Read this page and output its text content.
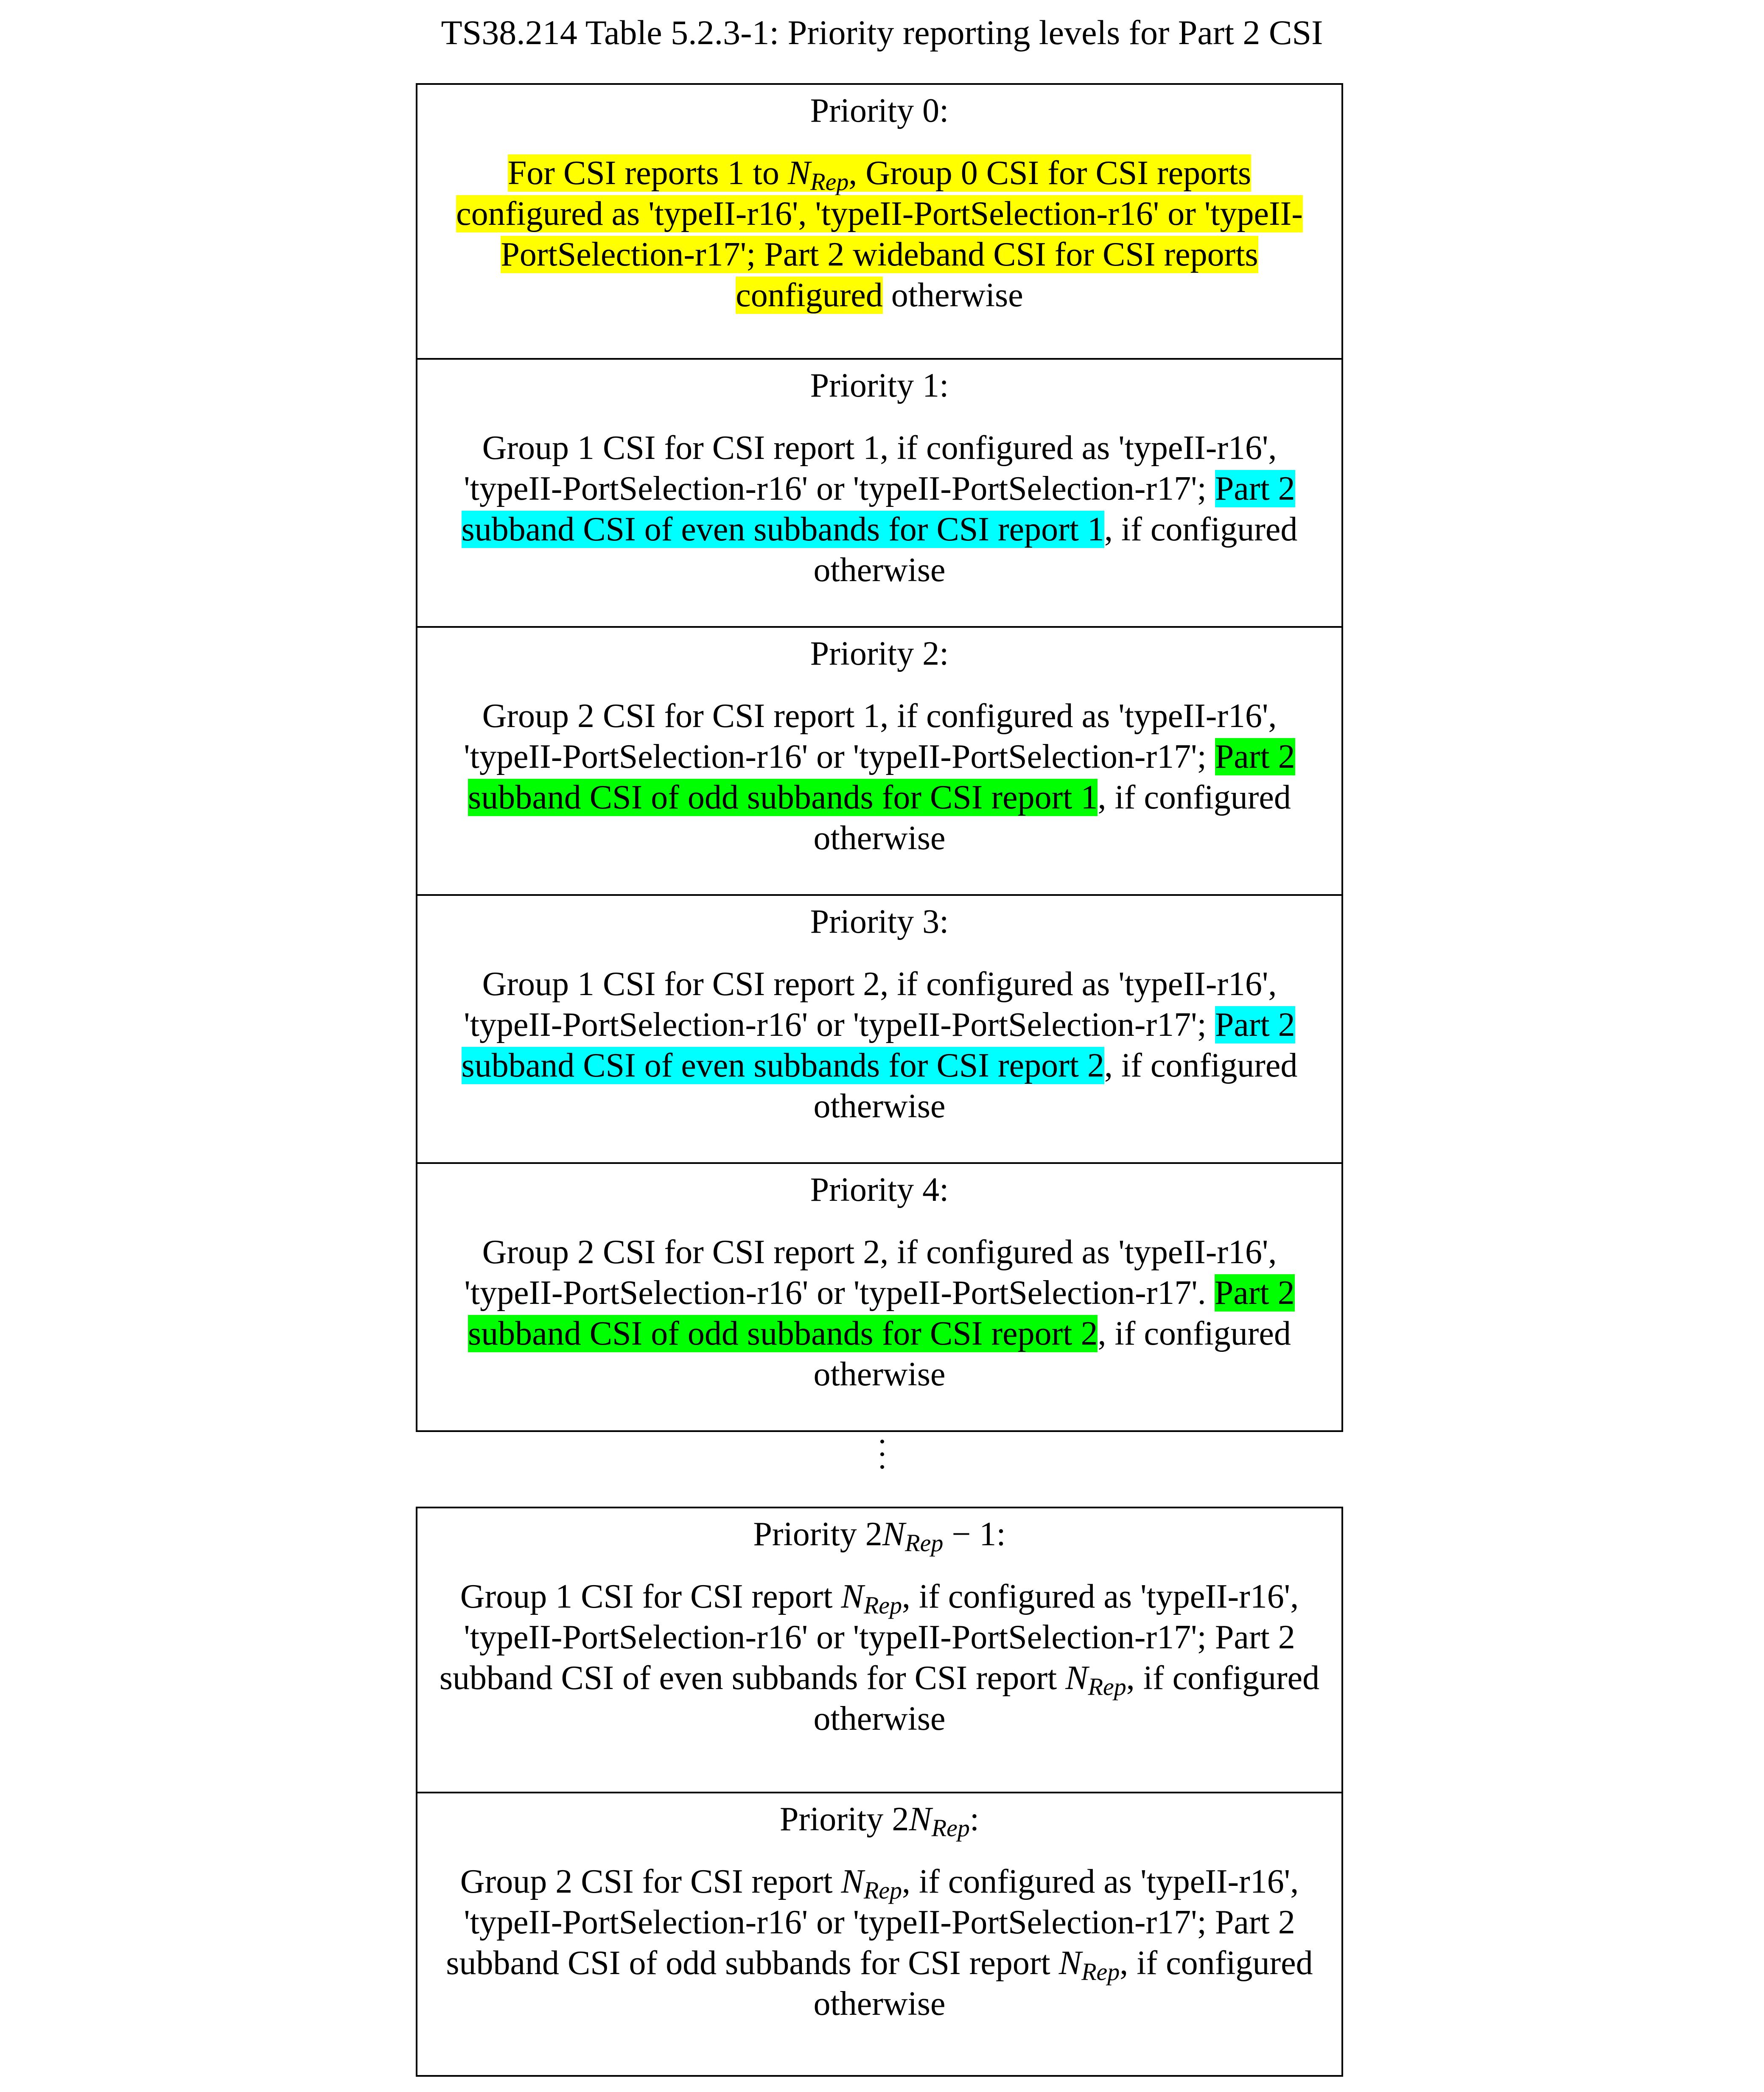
TS38.214 Table 5.2.3-1: Priority reporting levels for Part 2 CSI

Priority 0:

For CSI reports 1 to $N_{Rep}$, Group 0 CSI for CSI reports configured as 'typeII-r16', 'typeII-PortSelection-r16' or 'typeII-PortSelection-r17'; Part 2 wideband CSI for CSI reports configured otherwise

Priority 1:

Group 1 CSI for CSI report 1, if configured as 'typeII-r16', 'typeII-PortSelection-r16' or 'typeII-PortSelection-r17'; Part 2 subband CSI of even subbands for CSI report 1, if configured otherwise

Priority 2:

Group 2 CSI for CSI report 1, if configured as 'typeII-r16', 'typeII-PortSelection-r16' or 'typeII-PortSelection-r17'; Part 2 subband CSI of odd subbands for CSI report 1, if configured otherwise

Priority 3:

Group 1 CSI for CSI report 2, if configured as 'typeII-r16', 'typeII-PortSelection-r16' or 'typeII-PortSelection-r17'; Part 2 subband CSI of even subbands for CSI report 2, if configured otherwise

Priority 4:

Group 2 CSI for CSI report 2, if configured as 'typeII-r16', 'typeII-PortSelection-r16' or 'typeII-PortSelection-r17'. Part 2 subband CSI of odd subbands for CSI report 2, if configured otherwise

Priority $2N_{Rep} - 1$:

Group 1 CSI for CSI report $N_{Rep}$, if configured as 'typeII-r16', 'typeII-PortSelection-r16' or 'typeII-PortSelection-r17'; Part 2 subband CSI of even subbands for CSI report $N_{Rep}$, if configured otherwise

Priority $2N_{Rep}$:

Group 2 CSI for CSI report $N_{Rep}$, if configured as 'typeII-r16', 'typeII-PortSelection-r16' or 'typeII-PortSelection-r17'; Part 2 subband CSI of odd subbands for CSI report $N_{Rep}$, if configured otherwise
